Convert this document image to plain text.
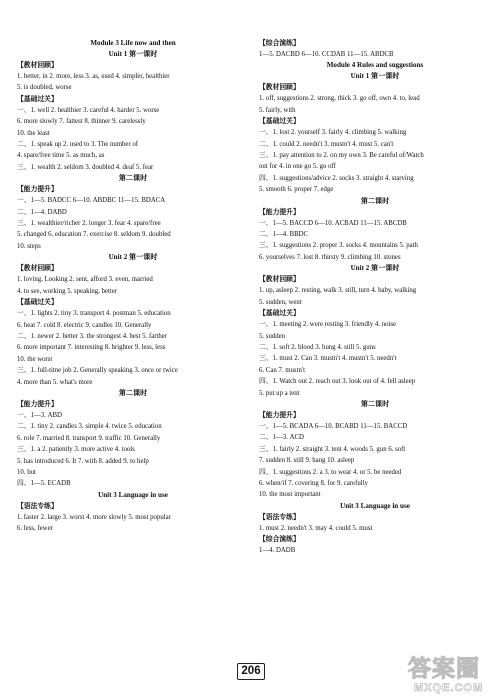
Module 3 Life now and then
Unit 1 第一课时
【教材回顾】
1. better, in 2. more, less 3. as, used 4. simpler, healthier
5. is doubled, worse
【基础过关】
一、1. well 2. healthier 3. careful 4. harder 5. worse
6. more slowly 7. fattest 8. thinner 9. carelessly
10. the least
二、1. speak up 2. used to 3. The number of
4. spare/free time 5. as much, as
三、1. wealth 2. seldom 3. doubled 4. deaf 5. fear
第二课时
【能力提升】
一、1—5. BADCC 6—10. ABDBC 11—15. BDACA
二、1—4. DABD
三、1. wealthier/richer 2. longer 3. fear 4. spare/free
5. changed 6. education 7. exercise 8. seldom 9. doubled
10. steps
Unit 2 第一课时
【教材回顾】
1. loving, Looking 2. sent, afford 3. even, married
4. to see, working 5. speaking, better
【基础过关】
一、1. lights 2. tiny 3. transport 4. postman 5. education
6. heat 7. cold 8. electric 9. candles 10. Generally
二、1. newer 2. better 3. the strongest 4. best 5. farther
6. more important 7. interesting 8. brighter 9. less, less
10. the worst
三、1. full-time job 2. Generally speaking 3. once or twice
4. more than 5. what's more
第二课时
【能力提升】
一、1—3. ABD
二、1. tiny 2. candles 3. simple 4. twice 5. education
6. role 7. married 8. transport 9. traffic 10. Generally
三、1. a 2. patiently 3. more active 4. tools
5. has introduced 6. It 7. with 8. added 9. to help
10. but
四、1—5. ECADB
Unit 3 Language in use
【语法专练】
1. faster 2. large 3. worst 4. more slowly 5. most popular
6. less, fewer
【综合演练】
1—5. DACBD 6—10. CCDAB 11—15. ABDCB
Module 4 Rules and suggestions
Unit 1 第一课时
【教材回顾】
1. off, suggestions 2. strong, thick 3. go off, own 4. to, lead
5. fairly, with
【基础过关】
一、1. lost 2. yourself 3. fairly 4. climbing 5. walking
二、1. could 2. needn't 3. mustn't 4. must 5. can't
三、1. pay attention to 2. on my own 3. Be careful of/Watch
out for 4. in one go 5. go off
四、1. suggestions/advice 2. socks 3. straight 4. starving
5. smooth 6. proper 7. edge
第二课时
【能力提升】
一、1—5. BACCD 6—10. ACBAD 11—15. ABCDB
二、1—4. BBDC
三、1. suggestions 2. proper 3. socks 4. mountains 5. path
6. yourselves 7. lost 8. thirsty 9. climbing 10. stones
Unit 2 第一课时
【教材回顾】
1. up, asleep 2. resting, walk 3. still, turn 4. baby, walking
5. sudden, went
【基础过关】
一、1. meeting 2. were resting 3. friendly 4. noise
5. sudden
二、1. soft 2. blood 3. hung 4. still 5. guns
三、1. must 2. Can 3. mustn't 4. mustn't 5. needn't
6. Can 7. mustn't
四、1. Watch out 2. reach out 3. look out of 4. fell asleep
5. put up a tent
第二课时
【能力提升】
一、1—5. BCADA 6—10. BCABD 11—15. BACCD
二、1—3. ACD
三、1. fairly 2. straight 3. tent 4. woods 5. gun 6. soft
7. sudden 8. still 9. hang 10. asleep
四、1. suggestions 2. a 3. to wear 4. or 5. be needed
6. when/if 7. covering 8. for 9. carefully
10. the most important
Unit 3 Language in use
【语法专练】
1. must 2. needn't 3. may 4. could 5. must
【综合演练】
1—4. DADB
206	答案圈
MXQE.COM
